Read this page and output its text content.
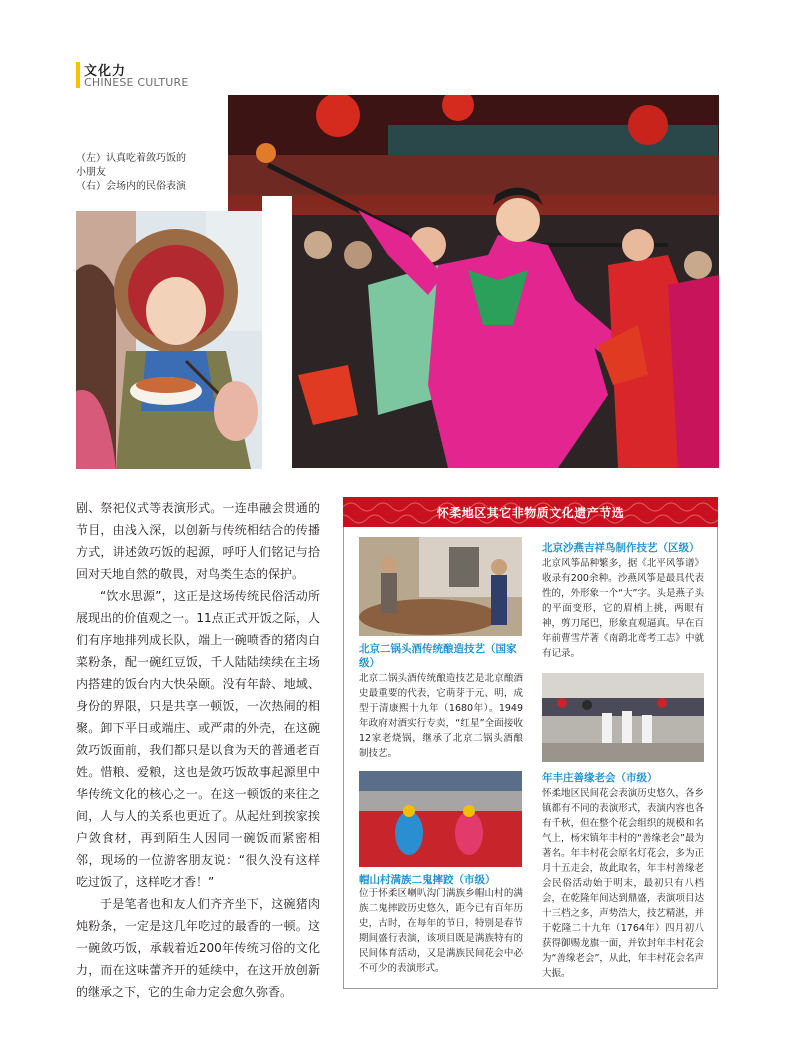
文化力
CHINESE CULTURE
（左）认真吃着敛巧饭的
小朋友
（右）会场内的民俗表演

剧、祭祀仪式等表演形式。一连串融会贯通的节目，由浅入深，以创新与传统相结合的传播方式，讲述敛巧饭的起源，呼吁人们铭记与拾回对天地自然的敬畏，对鸟类生态的保护。

“饮水思源”，这正是这场传统民俗活动所展现出的价值观之一。11点正式开饭之际，人们有序地排列成长队，端上一碗喷香的猪肉白菜粉条，配一碗红豆饭，千人陆陆续续在主场内搭建的饭台内大快朵颐。没有年龄、地域、身份的界限，只是共享一顿饭，一次热闹的相聚。卸下平日或端庄、或严肃的外壳，在这碗敛巧饭面前，我们都只是以食为天的普通老百姓。惜粮、爱粮，这也是敛巧饭故事起源里中华传统文化的核心之一。在这一顿饭的来往之间，人与人的关系也更近了。从起灶到挨家挨户敛食材，再到陌生人因同一碗饭而紧密相邻，现场的一位游客朋友说：“很久没有这样吃过饭了，这样吃才香！”

于是笔者也和友人们齐齐坐下，这碗猪肉炖粉条，一定是这几年吃过的最香的一顿。这一碗敛巧饭，承载着近200年传统习俗的文化力，而在这味蕾齐开的延续中，在这开放创新的继承之下，它的生命力定会愈久弥香。

怀柔地区其它非物质文化遗产节选
北京二锅头酒传统酿造技艺（国家级）
北京二锅头酒传统酿造技艺是北京酿酒史最重要的代表，它萌芽于元、明，成型于清康熙十九年（1680年）。1949年政府对酒实行专卖，“红星”全面接收12家老烧锅，继承了北京二锅头酒酿制技艺。
帽山村满族二鬼摔跤（市级）
位于怀柔区喇叭沟门满族乡帽山村的满族二鬼摔跤历史悠久，距今已有百年历史，古时，在每年的节日，特别是春节期间盛行表演，该项目既是满族特有的民间体育活动，又是满族民间花会中必不可少的表演形式。
北京沙燕吉祥鸟制作技艺（区级）
北京风筝品种繁多，据《北平风筝谱》收录有200余种。沙燕风筝是最具代表性的，外形象一个“大”字。头是燕子头的平面变形，它的眉梢上挑，两眼有神，剪刀尾巴，形象直观逼真。早在百年前曹雪芹著《南鹞北鸢考工志》中就有记录。
年丰庄善缘老会（市级）
怀柔地区民间花会表演历史悠久，各乡镇都有不同的表演形式，表演内容也各有千秋，但在整个花会组织的规模和名气上，杨宋镇年丰村的“善缘老会”最为著名。年丰村花会原名灯花会，多为正月十五走会，故此取名，年丰村善缘老会民俗活动始于明末，最初只有八档会，在乾隆年间达到鼎盛，表演项目达十三档之多，声势浩大，技艺精湛，并于乾隆二十九年（1764年）四月初八获得御赐龙旗一面，并钦封年丰村花会为“善缘老会”，从此，年丰村花会名声大振。
